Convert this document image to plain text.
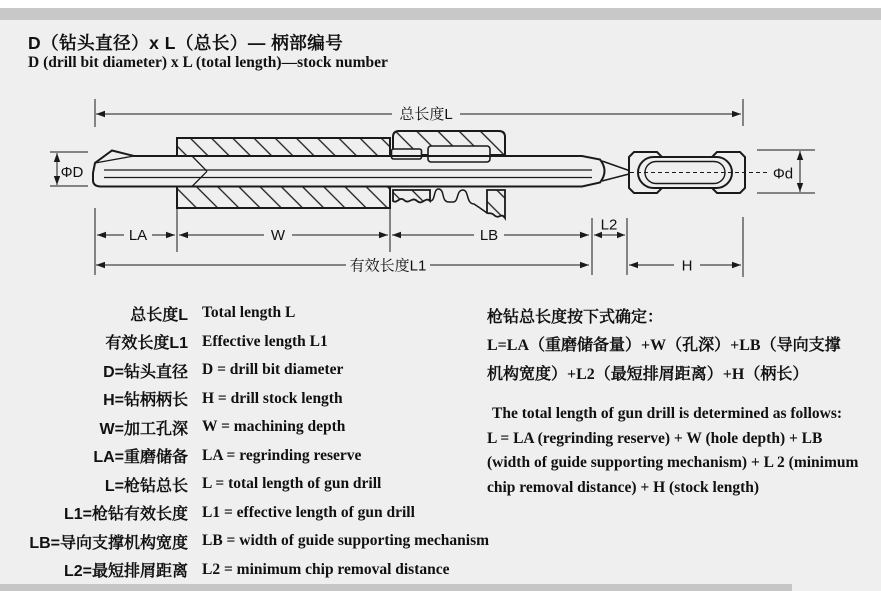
D（钻头直径）x L（总长）— 柄部编号
D (drill bit diameter) x L (total length)—stock number
总长度L
有效长度L1
ΦD	Φd
LA	W	LB
L2
H
总长度L Total length L
有效长度L1 Effective length L1
D=钻头直径 D = drill bit diameter
H=钻柄柄长 H = drill stock length
W=加工孔深 W = machining depth
LA=重磨储备 LA = regrinding reserve
L=枪钻总长 L = total length of gun drill
L1=枪钻有效长度 L1 = effective length of gun drill
LB=导向支撑机构宽度 LB = width of guide supporting mechanism
L2=最短排屑距离 L2 = minimum chip removal distance
枪钻总长度按下式确定：
L=LA（重磨储备量）+W（孔深）+LB（导向支撑
机构宽度）+L2（最短排屑距离）+H（柄长）
The total length of gun drill is determined as follows:
L = LA (regrinding reserve) + W (hole depth) + LB
(width of guide supporting mechanism) + L 2 (minimum
chip removal distance) + H (stock length)
